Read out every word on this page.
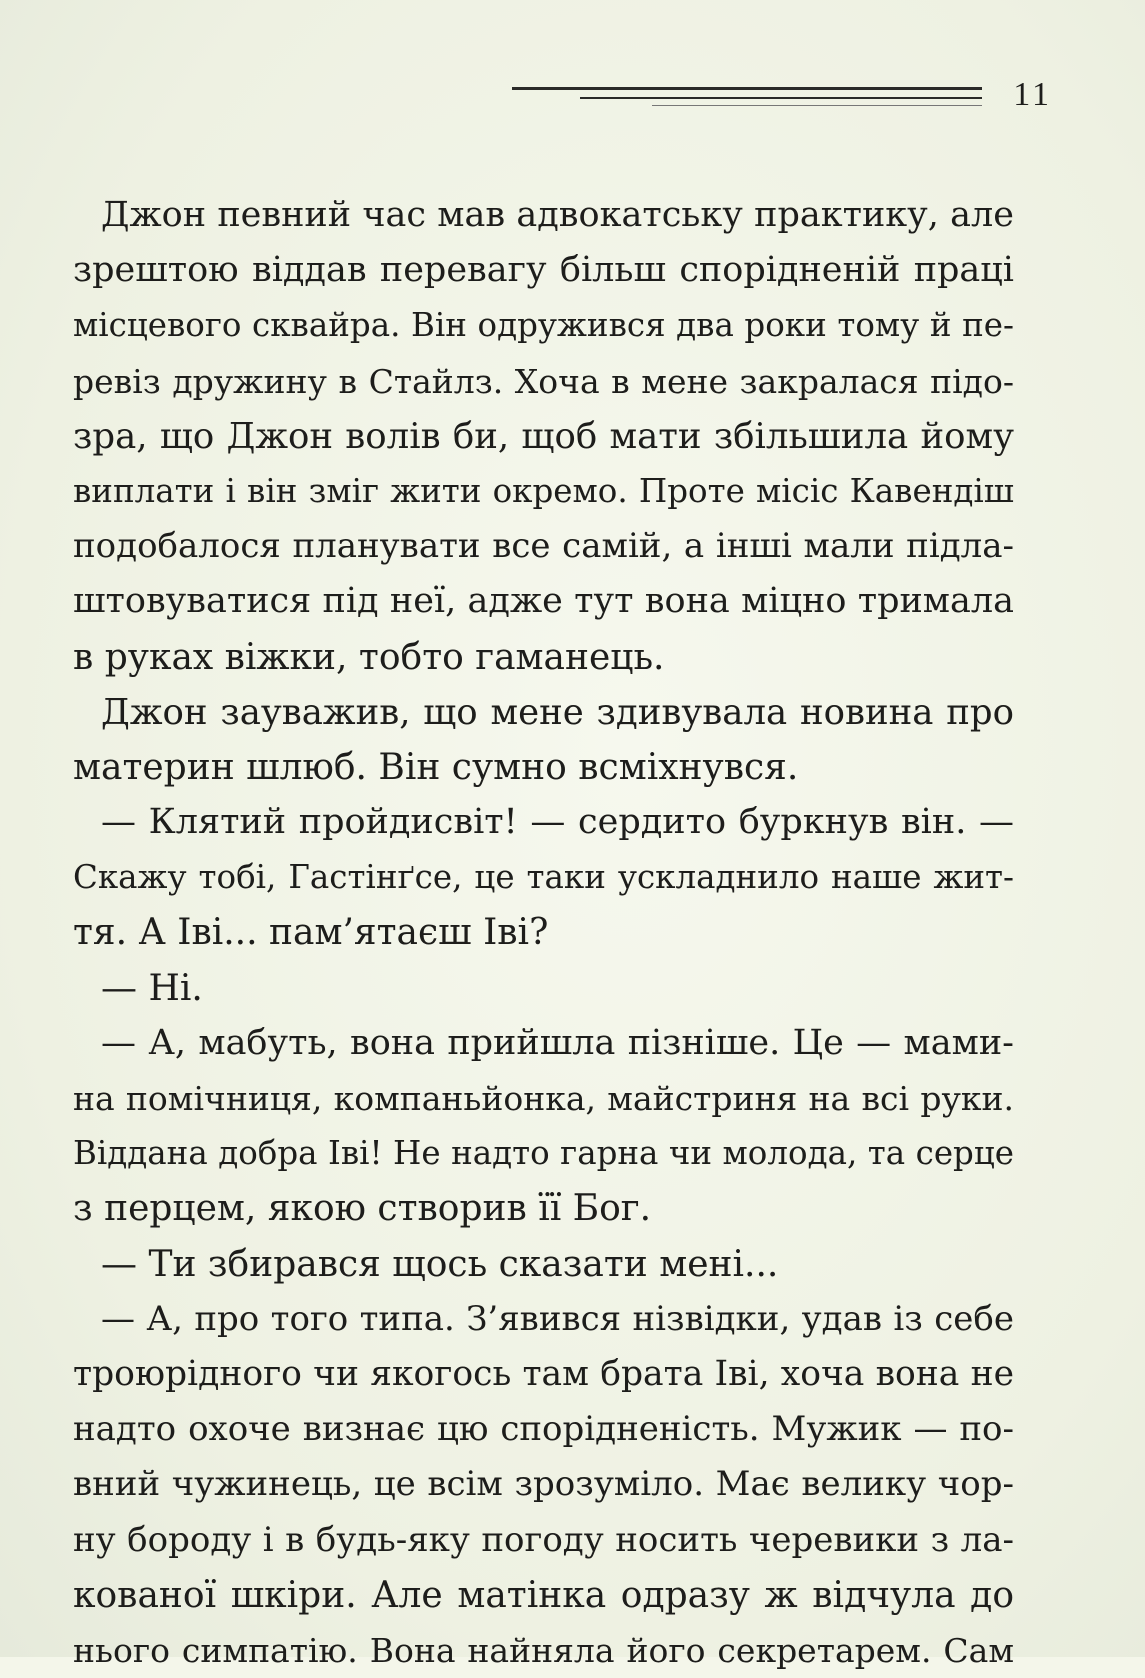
11
Джон певний час мав адвокатську практику, але
зрештою віддав перевагу більш спорідненій праці
місцевого сквайра. Він одружився два роки тому й пе-
ревіз дружину в Стайлз. Хоча в мене закралася підо-
зра, що Джон волів би, щоб мати збільшила йому
виплати і він зміг жити окремо. Проте місіс Кавендіш
подобалося планувати все самій, а інші мали підла-
штовуватися під неї, адже тут вона міцно тримала
в руках віжки, тобто гаманець.
Джон зауважив, що мене здивувала новина про
материн шлюб. Він сумно всміхнувся.
— Клятий пройдисвіт! — сердито буркнув він. —
Скажу тобі, Гастінґсе, це таки ускладнило наше жит-
тя. А Іві... пам’ятаєш Іві?
— Ні.
— А, мабуть, вона прийшла пізніше. Це — мами-
на помічниця, компаньйонка, майстриня на всі руки.
Віддана добра Іві! Не надто гарна чи молода, та серце
з перцем, якою створив її Бог.
— Ти збирався щось сказати мені...
— А, про того типа. З’явився нізвідки, удав із себе
троюрідного чи якогось там брата Іві, хоча вона не
надто охоче визнає цю спорідненість. Мужик — по-
вний чужинець, це всім зрозуміло. Має велику чор-
ну бороду і в будь-яку погоду носить черевики з ла-
кованої шкіри. Але матінка одразу ж відчула до
нього симпатію. Вона найняла його секретарем. Сам
